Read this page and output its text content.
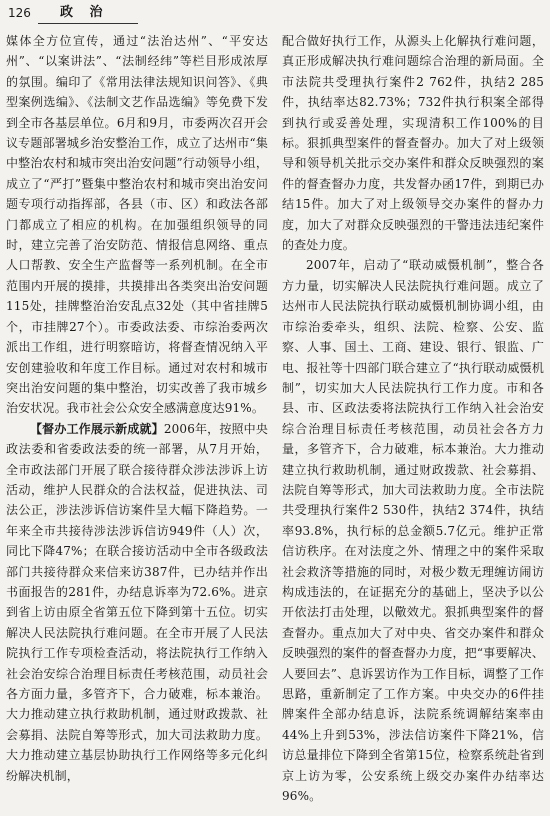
126 政 治

媒体全方位宣传，通过“法治达州”、“平安达州”、“以案讲法”、“法制经纬”等栏目形成浓厚的氛围。编印了《常用法律法规知识问答》、《典型案例选编》、《法制文艺作品选编》等免费下发到全市各基层单位。6月和9月，市委两次召开会议专题部署城乡治安整治工作，成立了达州市“集中整治农村和城市突出治安问题”行动领导小组，成立了“严打”暨集中整治农村和城市突出治安问题专项行动指挥部，各县（市、区）和政法各部门都成立了相应的机构。在加强组织领导的同时，建立完善了治安防范、情报信息网络、重点人口帮教、安全生产监督等一系列机制。在全市范围内开展的摸排，共摸排出各类突出治安问题115处，挂牌整治治安乱点32处（其中省挂牌5个，市挂牌27个）。市委政法委、市综治委两次派出工作组，进行明察暗访，将督查情况纳入平安创建验收和年度工作目标。通过对农村和城市突出治安问题的集中整治，切实改善了我市城乡治安状况。我市社会公众安全感满意度达91%。

【督办工作展示新成就】2006年，按照中央政法委和省委政法委的统一部署，从7月开始，全市政法部门开展了联合接待群众涉法涉诉上访活动，维护人民群众的合法权益，促进执法、司法公正，涉法涉诉信访案件呈大幅下降趋势。一年来全市共接待涉法涉诉信访949件（人）次，同比下降47%；在联合接访活动中全市各级政法部门共接待群众来信来访387件，已办结并作出书面报告的281件，办结息诉率为72.6%。进京到省上访由原全省第五位下降到第十五位。切实解决人民法院执行难问题。在全市开展了人民法院执行工作专项检查活动，将法院执行工作纳入社会治安综合治理目标责任考核范围，动员社会各方面力量，多管齐下，合力破难，标本兼治。大力推动建立执行救助机制，通过财政拨款、社会募捐、法院自筹等形式，加大司法救助力度。大力推动建立基层协助执行工作网络等多元化纠纷解决机制，

配合做好执行工作，从源头上化解执行难问题，真正形成解决执行难问题综合治理的新局面。全市法院共受理执行案件2 762件，执结2 285件，执结率达82.73%；732件执行积案全部得到执行或妥善处理，实现清积工作100%的目标。狠抓典型案件的督查督办。加大了对上级领导和领导机关批示交办案件和群众反映强烈的案件的督查督办力度，共发督办函17件，到期已办结15件。加大了对上级领导交办案件的督办力度，加大了对群众反映强烈的干警违法违纪案件的查处力度。

2007年，启动了“联动威慑机制”，整合各方力量，切实解决人民法院执行难问题。成立了达州市人民法院执行联动威慑机制协调小组，由市综治委牵头，组织、法院、检察、公安、监察、人事、国土、工商、建设、银行、银监、广电、报社等十四部门联合建立了“执行联动威慑机制”，切实加大人民法院执行工作力度。市和各县、市、区政法委将法院执行工作纳入社会治安综合治理目标责任考核范围，动员社会各方力量，多管齐下，合力破难，标本兼治。大力推动建立执行救助机制，通过财政拨款、社会募捐、法院自筹等形式，加大司法救助力度。全市法院共受理执行案件2 530件，执结2 374件，执结率93.8%，执行标的总金额5.7亿元。维护正常信访秩序。在对法度之外、情理之中的案件采取社会救济等措施的同时，对极少数无理缠访闹访构成违法的，在证据充分的基础上，坚决予以公开依法打击处理，以儆效尤。狠抓典型案件的督查督办。重点加大了对中央、省交办案件和群众反映强烈的案件的督查督办力度，把“事要解决、人要回去”、息诉罢访作为工作目标，调整了工作思路，重新制定了工作方案。中央交办的6件挂牌案件全部办结息诉，法院系统调解结案率由44%上升到53%，涉法信访案件下降21%，信访总量排位下降到全省第15位，检察系统赴省到京上访为零，公安系统上级交办案件办结率达96%。
